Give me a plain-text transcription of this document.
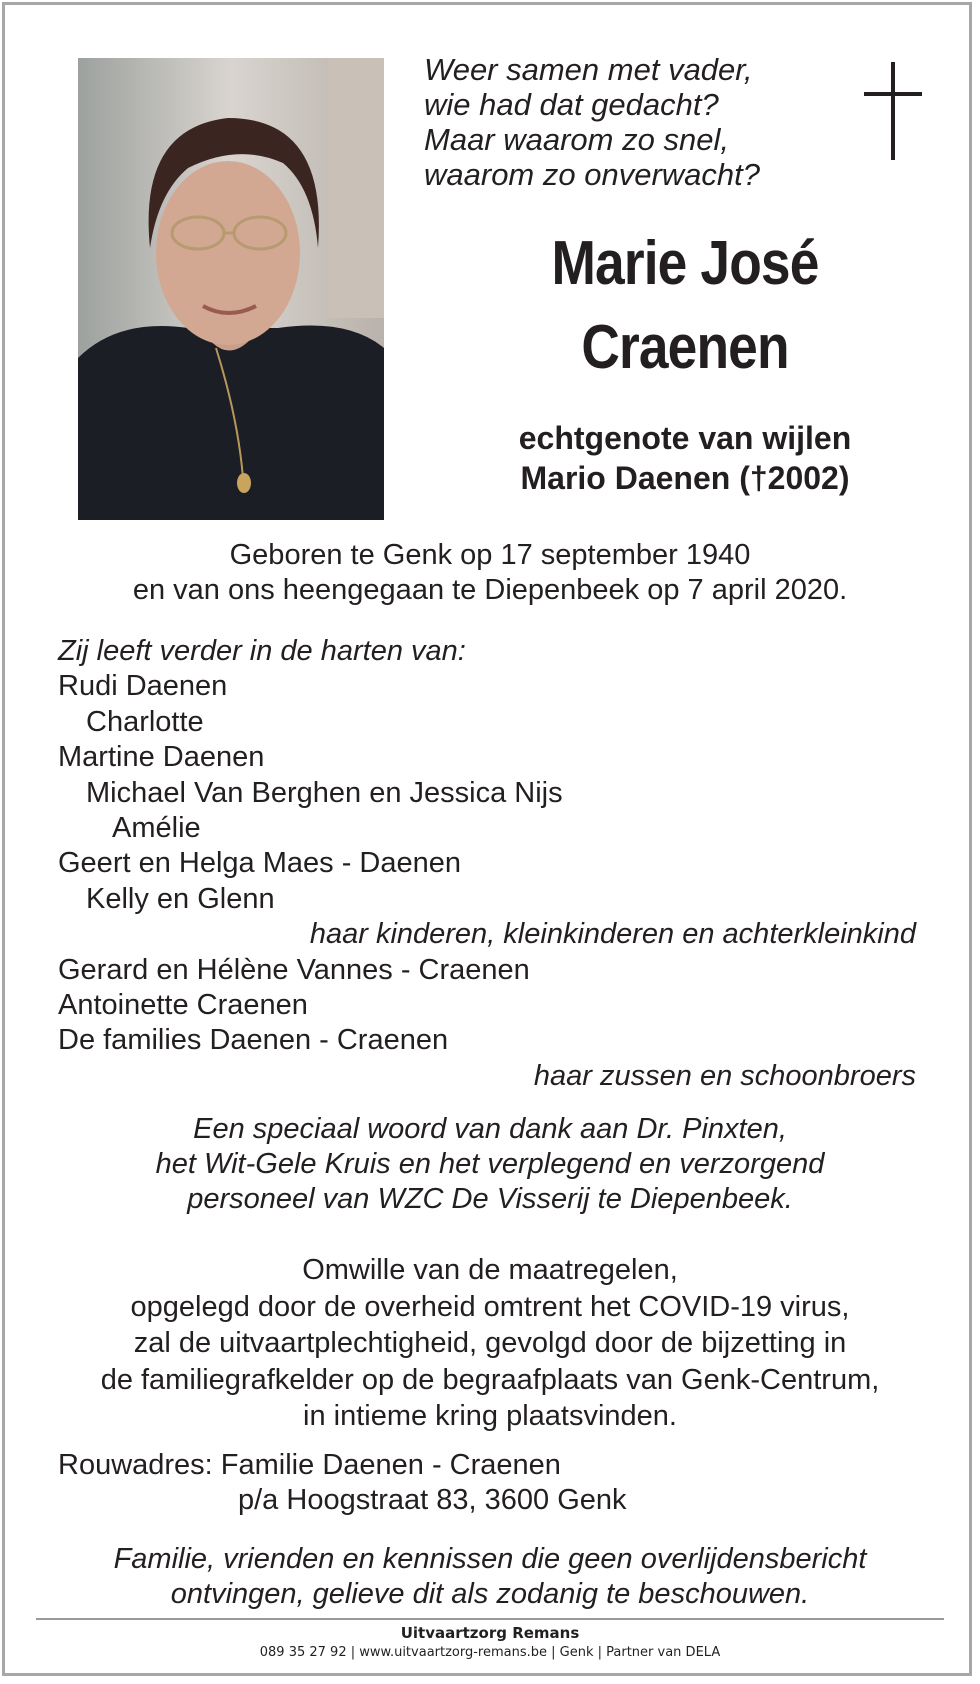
Weer samen met vader,
wie had dat gedacht?
Maar waarom zo snel,
waarom zo onverwacht?
Marie José
Craenen
echtgenote van wijlen
Mario Daenen (†2002)
Geboren te Genk op 17 september 1940
en van ons heengegaan te Diepenbeek op 7 april 2020.
Zij leeft verder in de harten van:
Rudi Daenen
Charlotte
Martine Daenen
Michael Van Berghen en Jessica Nijs
Amélie
Geert en Helga Maes - Daenen
Kelly en Glenn
haar kinderen, kleinkinderen en achterkleinkind
Gerard en Hélène Vannes - Craenen
Antoinette Craenen
De families Daenen - Craenen
haar zussen en schoonbroers
Een speciaal woord van dank aan Dr. Pinxten,
het Wit-Gele Kruis en het verplegend en verzorgend
personeel van WZC De Visserij te Diepenbeek.
Omwille van de maatregelen,
opgelegd door de overheid omtrent het COVID-19 virus,
zal de uitvaartplechtigheid, gevolgd door de bijzetting in
de familiegrafkelder op de begraafplaats van Genk-Centrum,
in intieme kring plaatsvinden.
Rouwadres: Familie Daenen - Craenen
p/a Hoogstraat 83, 3600 Genk
Familie, vrienden en kennissen die geen overlijdensbericht
ontvingen, gelieve dit als zodanig te beschouwen.
Uitvaartzorg Remans
089 35 27 92 | www.uitvaartzorg-remans.be | Genk | Partner van DELA
